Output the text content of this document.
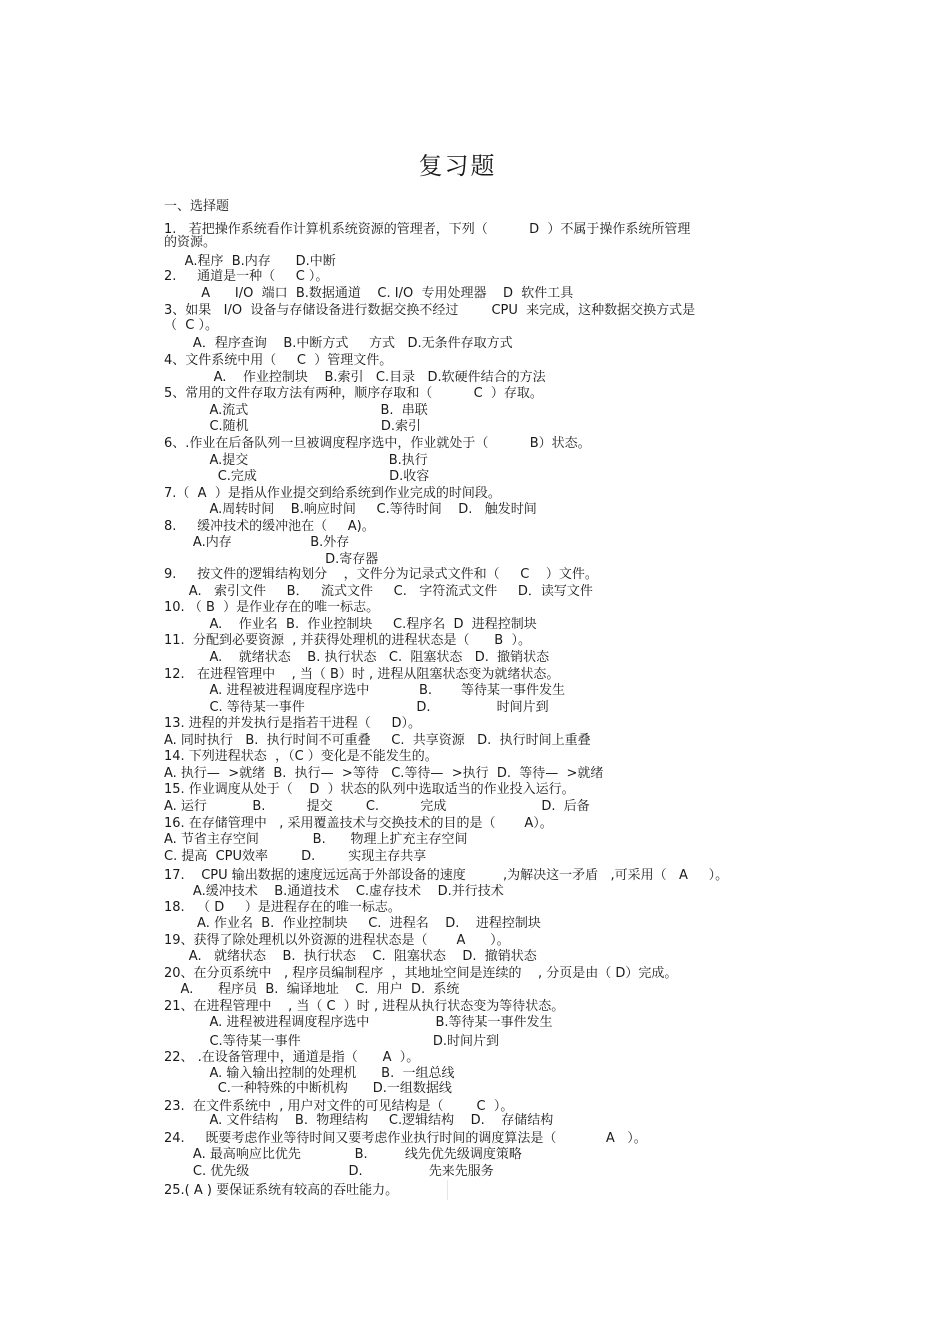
复习题
一、选择题
1.   若把操作系统看作计算机系统资源的管理者，下列（          D  ）不属于操作系统所管理
的资源。
A.程序  B.内存      D.中断
2.     通道是一种（     C ）。
A      I/O  端口  B.数据通道    C. I/O  专用处理器    D  软件工具
3、如果   I/O  设备与存储设备进行数据交换不经过        CPU  来完成，这种数据交换方式是
（  C ）。
A．程序查询    B.中断方式     方式   D.无条件存取方式
4、文件系统中用（     C  ）管理文件。
A.    作业控制块    B.索引   C.目录   D.软硬件结合的方法
5、常用的文件存取方法有两种，顺序存取和（          C  ）存取。
A.流式                                B.  串联
C.随机                                D.索引
6、.作业在后备队列一旦被调度程序选中，作业就处于（          B）状态。
A.提交                                  B.执行
C.完成                                D.收容
7.（  A  ）是指从作业提交到给系统到作业完成的时间段。
A.周转时间    B.响应时间     C.等待时间    D.   触发时间
8.     缓冲技术的缓冲池在（     A)。
A.内存                   B.外存
D.寄存器
9.     按文件的逻辑结构划分    ，文件分为记录式文件和（     C    ）文件。
A.   索引文件     B．   流式文件     C.   字符流式文件     D．读写文件
10. （ B  ）是作业存在的唯一标志。
A.    作业名  B.  作业控制块     C.程序名  D  进程控制块
11.  分配到必要资源  , 并获得处理机的进程状态是（      B  ）。
A.    就绪状态    B. 执行状态   C.  阻塞状态   D.  撤销状态
12.   在进程管理中    , 当（ B）时 , 进程从阻塞状态变为就绪状态。
A. 进程被进程调度程序选中            B.       等待某一事件发生
C. 等待某一事件                           D.                时间片到
13. 进程的并发执行是指若干进程（     D）。
A. 同时执行   B.  执行时间不可重叠     C.  共享资源   D.  执行时间上重叠
14. 下列进程状态  ，（C ）变化是不能发生的。
A. 执行—  >就绪  B.  执行—  >等待   C.等待—  >执行  D.  等待—  >就绪
15. 作业调度从处于（    D  ）状态的队列中选取适当的作业投入运行。
A. 运行           B.          提交        C.          完成                       D.  后备
16. 在存储管理中   , 采用覆盖技术与交换技术的目的是（       A）。
A. 节省主存空间             B.      物理上扩充主存空间
C. 提高  CPU效率        D.        实现主存共享
17.    CPU 输出数据的速度远远高于外部设备的速度         ,为解决这一矛盾   ,可采用（   A     ）。
A.缓冲技术    B.通道技术    C.虚存技术    D.并行技术
18.   （ D     ）是进程存在的唯一标志。
A. 作业名  B.  作业控制块     C.  进程名    D.    进程控制块
19、获得了除处理机以外资源的进程状态是（       A      ）。
A.   就绪状态    B.  执行状态    C.  阻塞状态    D.  撤销状态
20、在分页系统中   , 程序员编制程序  ，其地址空间是连续的    , 分页是由（ D）完成。
A.      程序员  B.  编译地址    C.  用户  D.  系统
21、在进程管理中    , 当（ C  ）时 , 进程从执行状态变为等待状态。
A. 进程被进程调度程序选中                B.等待某一事件发生
C.等待某一事件                                D.时间片到
22、 .在设备管理中，通道是指（      A  ）。
A. 输入输出控制的处理机      B.  一组总线
C.一种特殊的中断机构      D.一组数据线
23.  在文件系统中  , 用户对文件的可见结构是（        C  ）。
A. 文件结构    B.  物理结构     C.逻辑结构    D.    存储结构
24.     既要考虑作业等待时间又要考虑作业执行时间的调度算法是（            A   ）。
A. 最高响应比优先             B.         线先优先级调度策略
C. 优先级                        D.                先来先服务
25.( A ) 要保证系统有较高的吞吐能力。
